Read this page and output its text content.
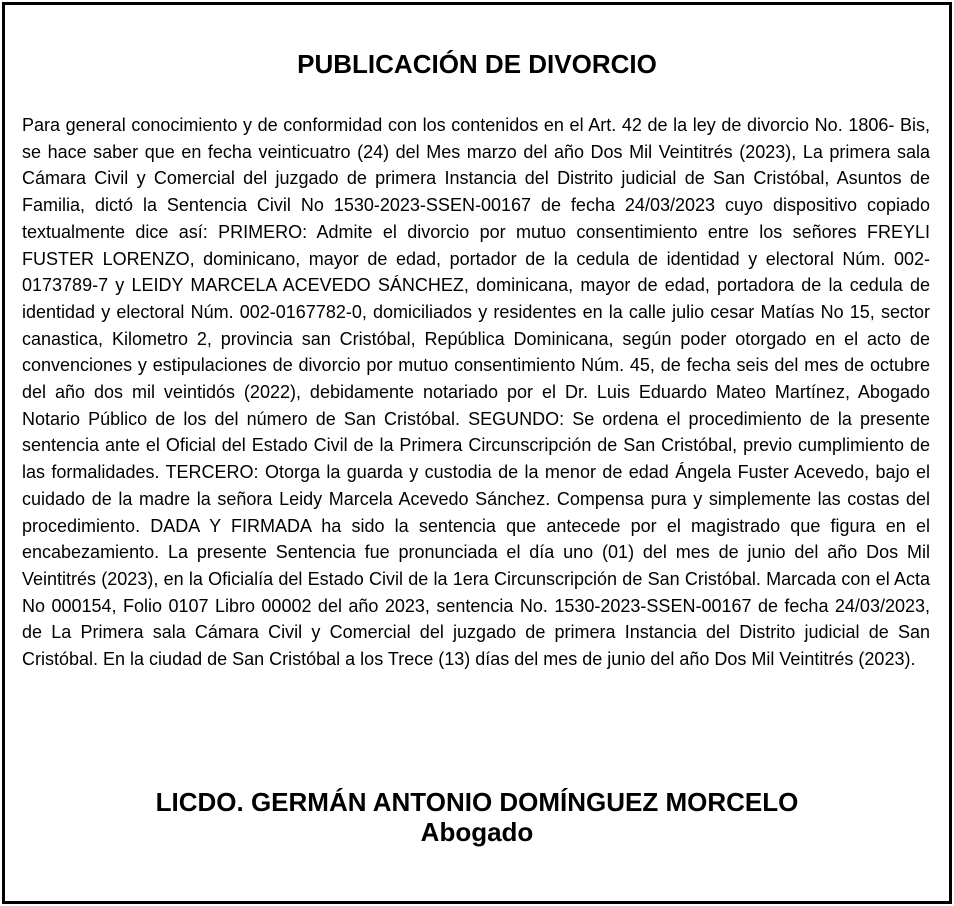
PUBLICACIÓN DE DIVORCIO

Para general conocimiento y de conformidad con los contenidos en el Art. 42 de la ley de divorcio No. 1806- Bis, se hace saber que en fecha veinticuatro (24) del Mes marzo del año Dos Mil Veintitrés (2023), La primera sala Cámara Civil y Comercial del juzgado de primera Instancia del Distrito judicial de San Cristóbal, Asuntos de Familia, dictó la Sentencia Civil No 1530-2023-SSEN-00167 de fecha 24/03/2023 cuyo dispositivo copiado textualmente dice así: PRIMERO: Admite el divorcio por mutuo consentimiento entre los señores FREYLI FUSTER LORENZO, dominicano, mayor de edad, portador de la cedula de identidad y electoral Núm. 002-0173789-7 y LEIDY MARCELA ACEVEDO SÁNCHEZ, dominicana, mayor de edad, portadora de la cedula de identidad y electoral Núm. 002-0167782-0, domiciliados y residentes en la calle julio cesar Matías No 15, sector canastica, Kilometro 2, provincia san Cristóbal, República Dominicana, según poder otorgado en el acto de convenciones y estipulaciones de divorcio por mutuo consentimiento Núm. 45, de fecha seis del mes de octubre del año dos mil veintidós (2022), debidamente notariado por el Dr. Luis Eduardo Mateo Martínez, Abogado Notario Público de los del número de San Cristóbal. SEGUNDO: Se ordena el procedimiento de la presente sentencia ante el Oficial del Estado Civil de la Primera Circunscripción de San Cristóbal, previo cumplimiento de las formalidades. TERCERO: Otorga la guarda y custodia de la menor de edad Ángela Fuster Acevedo, bajo el cuidado de la madre la señora Leidy Marcela Acevedo Sánchez. Compensa pura y simplemente las costas del procedimiento. DADA Y FIRMADA ha sido la sentencia que antecede por el magistrado que figura en el encabezamiento. La presente Sentencia fue pronunciada el día uno (01) del mes de junio del año Dos Mil Veintitrés (2023), en la Oficialía del Estado Civil de la 1era Circunscripción de San Cristóbal. Marcada con el Acta No 000154, Folio 0107 Libro 00002 del año 2023, sentencia No. 1530-2023-SSEN-00167 de fecha 24/03/2023, de La Primera sala Cámara Civil y Comercial del juzgado de primera Instancia del Distrito judicial de San Cristóbal. En la ciudad de San Cristóbal a los Trece (13) días del mes de junio del año Dos Mil Veintitrés (2023).

LICDO. GERMÁN ANTONIO DOMÍNGUEZ MORCELO
Abogado
